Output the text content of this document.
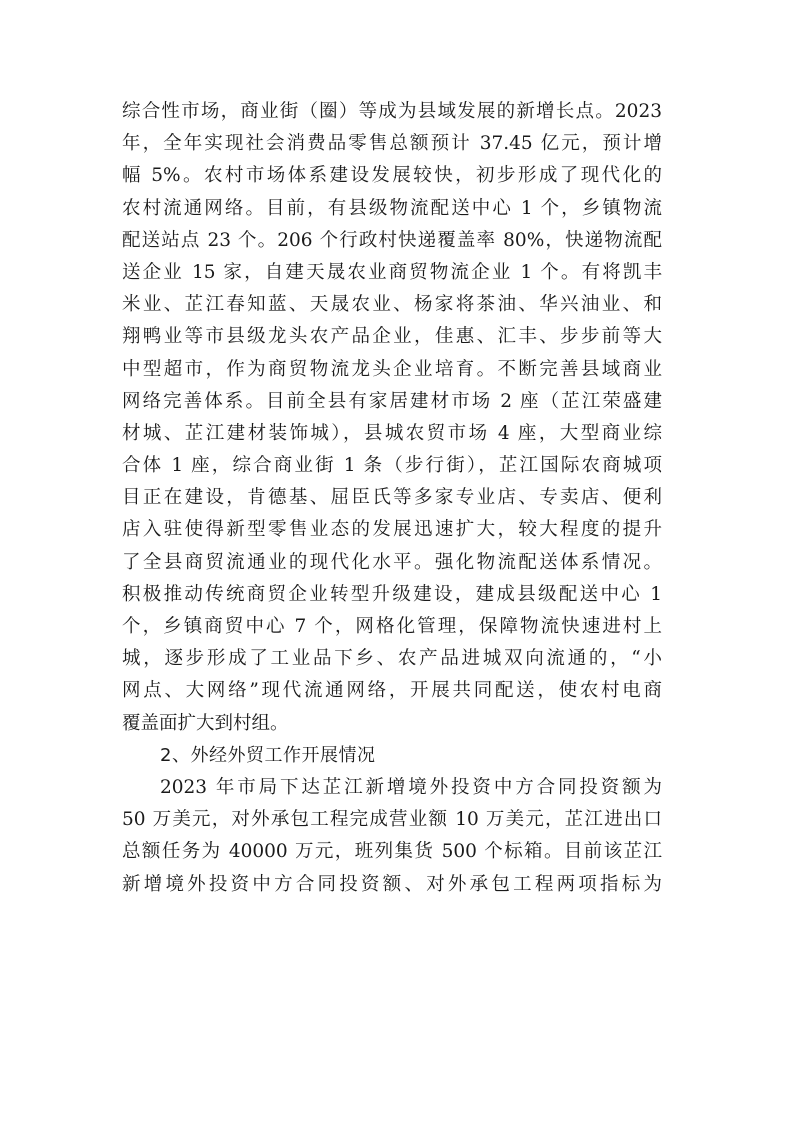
综合性市场，商业街（圈）等成为县域发展的新增长点。2023
年，全年实现社会消费品零售总额预计 37.45 亿元，预计增
幅 5%。农村市场体系建设发展较快，初步形成了现代化的
农村流通网络。目前，有县级物流配送中心 1 个，乡镇物流
配送站点 23 个。206 个行政村快递覆盖率 80%，快递物流配
送企业 15 家，自建天晟农业商贸物流企业 1 个。有将凯丰
米业、芷江春知蓝、天晟农业、杨家将茶油、华兴油业、和
翔鸭业等市县级龙头农产品企业，佳惠、汇丰、步步前等大
中型超市，作为商贸物流龙头企业培育。不断完善县域商业
网络完善体系。目前全县有家居建材市场 2 座（芷江荣盛建
材城、芷江建材装饰城），县城农贸市场 4 座，大型商业综
合体 1 座，综合商业街 1 条（步行街），芷江国际农商城项
目正在建设，肯德基、屈臣氏等多家专业店、专卖店、便利
店入驻使得新型零售业态的发展迅速扩大，较大程度的提升
了全县商贸流通业的现代化水平。强化物流配送体系情况。
积极推动传统商贸企业转型升级建设，建成县级配送中心 1
个，乡镇商贸中心 7 个，网格化管理，保障物流快速进村上
城，逐步形成了工业品下乡、农产品进城双向流通的，“小
网点、大网络”现代流通网络，开展共同配送，使农村电商
覆盖面扩大到村组。
2、外经外贸工作开展情况
2023 年市局下达芷江新增境外投资中方合同投资额为
50 万美元，对外承包工程完成营业额 10 万美元，芷江进出口
总额任务为 40000 万元，班列集货 500 个标箱。目前该芷江
新增境外投资中方合同投资额、对外承包工程两项指标为
